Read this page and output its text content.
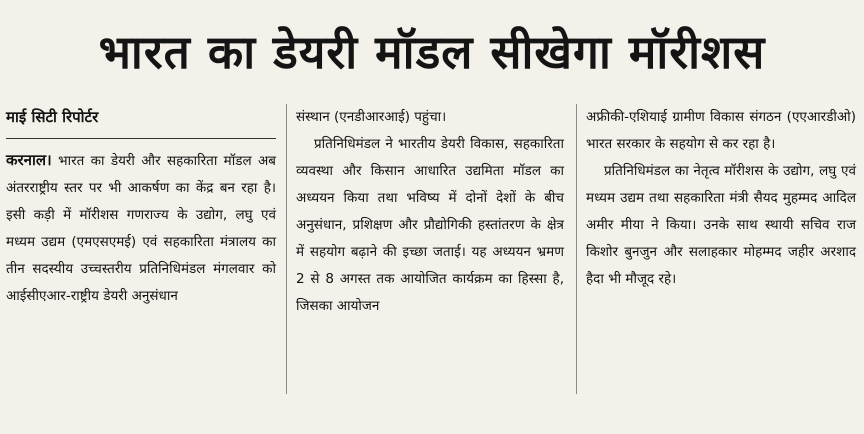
भारत का डेयरी मॉडल सीखेगा मॉरीशस
माई सिटी रिपोर्टर

करनाल। भारत का डेयरी और सहकारिता मॉडल अब अंतरराष्ट्रीय स्तर पर भी आकर्षण का केंद्र बन रहा है। इसी कड़ी में मॉरीशस गणराज्य के उद्योग, लघु एवं मध्यम उद्यम (एमएसएमई) एवं सहकारिता मंत्रालय का तीन सदस्यीय उच्चस्तरीय प्रतिनिधिमंडल मंगलवार को आईसीएआर-राष्ट्रीय डेयरी अनुसंधान

संस्थान (एनडीआरआई) पहुंचा।

प्रतिनिधिमंडल ने भारतीय डेयरी विकास, सहकारिता व्यवस्था और किसान आधारित उद्यमिता मॉडल का अध्ययन किया तथा भविष्य में दोनों देशों के बीच अनुसंधान, प्रशिक्षण और प्रौद्योगिकी हस्तांतरण के क्षेत्र में सहयोग बढ़ाने की इच्छा जताई। यह अध्ययन भ्रमण 2 से 8 अगस्त तक आयोजित कार्यक्रम का हिस्सा है, जिसका आयोजन

अफ्रीकी-एशियाई ग्रामीण विकास संगठन (एएआरडीओ) भारत सरकार के सहयोग से कर रहा है।

प्रतिनिधिमंडल का नेतृत्व मॉरीशस के उद्योग, लघु एवं मध्यम उद्यम तथा सहकारिता मंत्री सैयद मुहम्मद आदिल अमीर मीया ने किया। उनके साथ स्थायी सचिव राज किशोर बुनजुन और सलाहकार मोहम्मद जहीर अरशाद हैदा भी मौजूद रहे।
